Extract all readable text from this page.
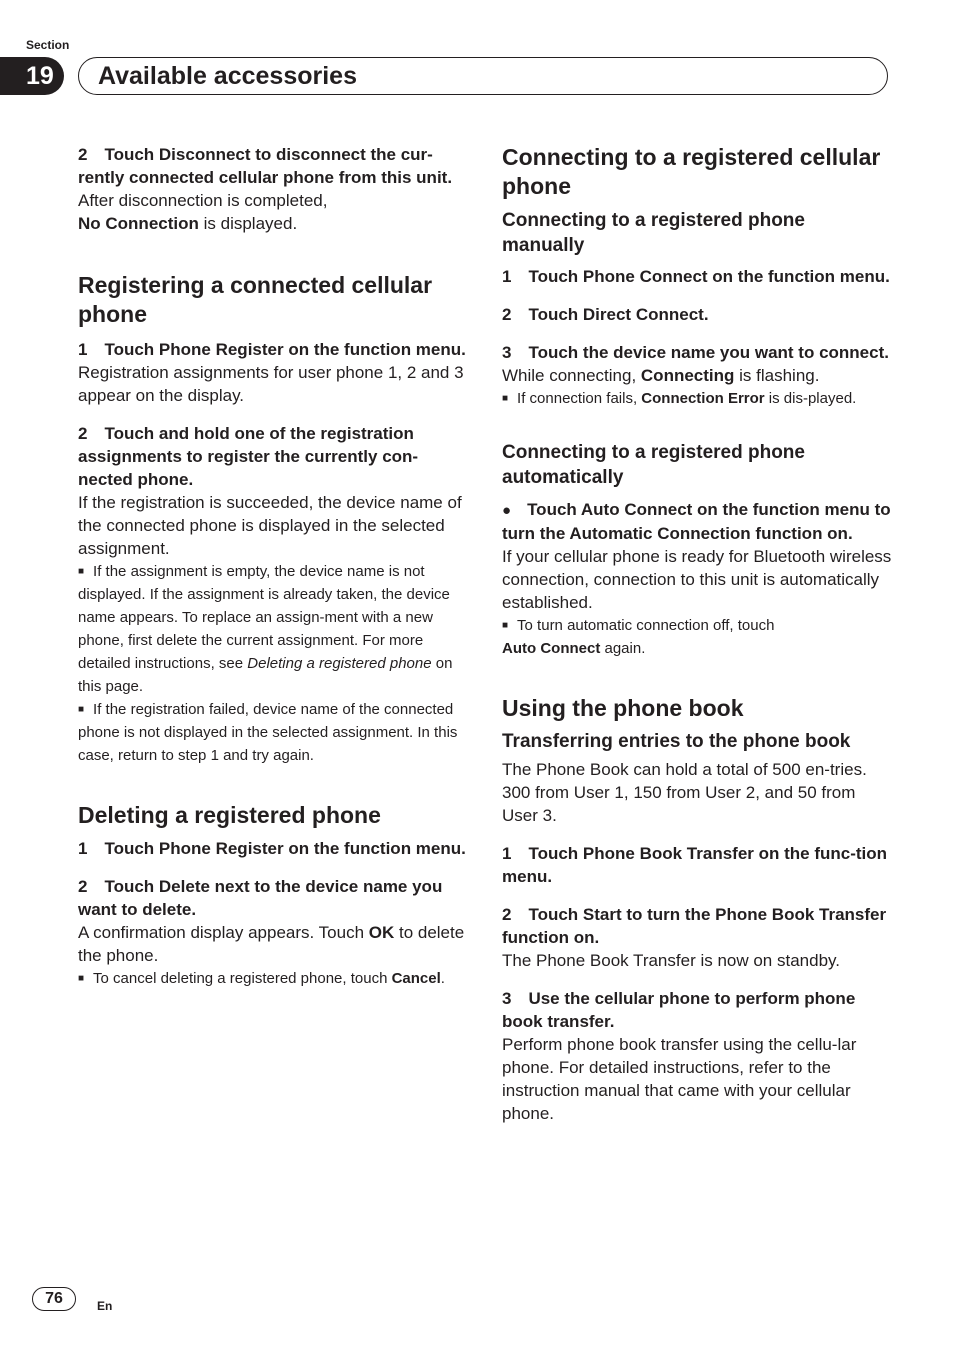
Section
19	Available accessories

2  Touch Disconnect to disconnect the cur-rently connected cellular phone from this unit.

After disconnection is completed,
No Connection is displayed.

Registering a connected cellular phone

1  Touch Phone Register on the function menu.

Registration assignments for user phone 1, 2 and 3 appear on the display.

2  Touch and hold one of the registration assignments to register the currently con-nected phone.

If the registration is succeeded, the device name of the connected phone is displayed in the selected assignment.

■ If the assignment is empty, the device name is not displayed. If the assignment is already taken, the device name appears. To replace an assign-ment with a new phone, first delete the current assignment. For more detailed instructions, see Deleting a registered phone on this page.

■ If the registration failed, device name of the connected phone is not displayed in the selected assignment. In this case, return to step 1 and try again.

Deleting a registered phone

1  Touch Phone Register on the function menu.

2  Touch Delete next to the device name you want to delete.

A confirmation display appears. Touch OK to delete the phone.

■ To cancel deleting a registered phone, touch Cancel.

Connecting to a registered cellular phone
Connecting to a registered phone manually

1  Touch Phone Connect on the function menu.

2  Touch Direct Connect.

3  Touch the device name you want to connect.

While connecting, Connecting is flashing.

■ If connection fails, Connection Error is dis-played.

Connecting to a registered phone automatically

● Touch Auto Connect on the function menu to turn the Automatic Connection function on.

If your cellular phone is ready for Bluetooth wireless connection, connection to this unit is automatically established.

■ To turn automatic connection off, touch
Auto Connect again.

Using the phone book
Transferring entries to the phone book

The Phone Book can hold a total of 500 en-tries. 300 from User 1, 150 from User 2, and 50 from User 3.

1  Touch Phone Book Transfer on the func-tion menu.

2  Touch Start to turn the Phone Book Transfer function on.

The Phone Book Transfer is now on standby.

3  Use the cellular phone to perform phone book transfer.

Perform phone book transfer using the cellu-lar phone. For detailed instructions, refer to the instruction manual that came with your cellular phone.

76	En
